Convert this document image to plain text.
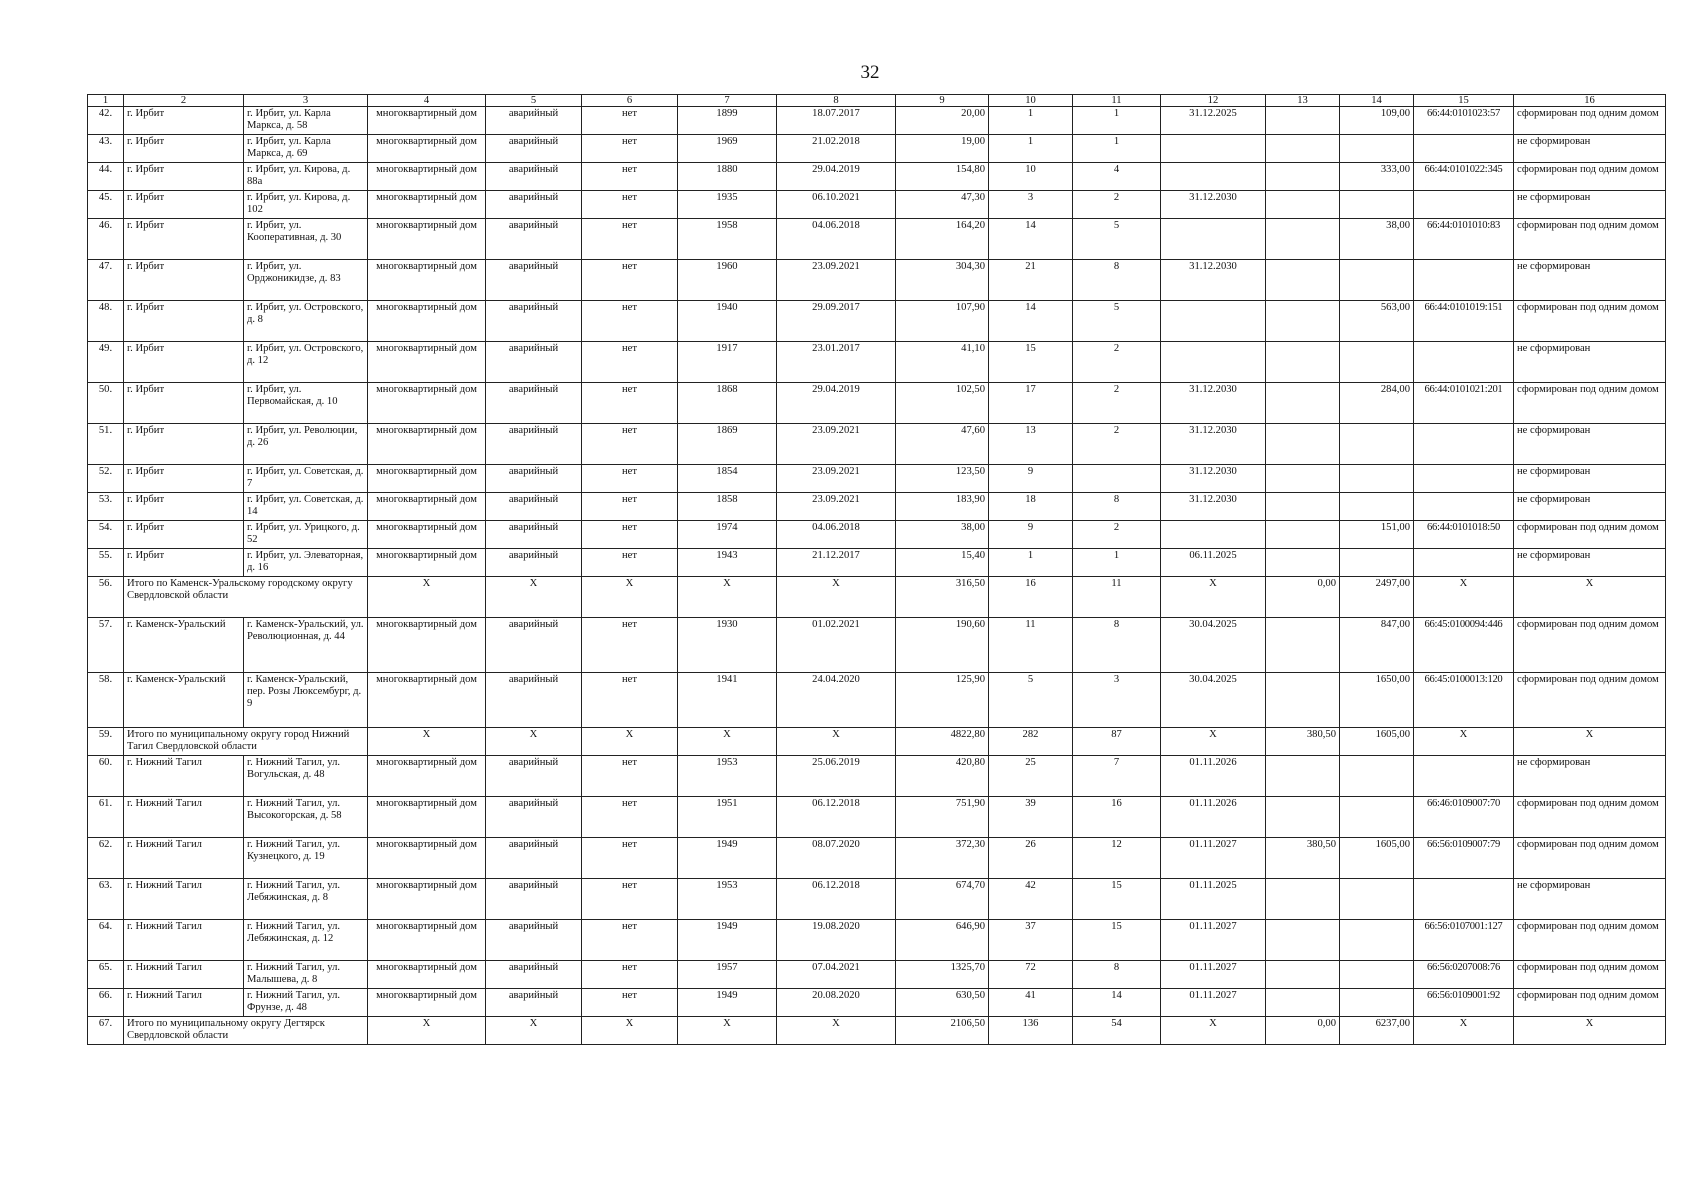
32
1	2	3	4	5	6	7	8	9	10	11	12	13	14	15	16
42.	г. Ирбит	г. Ирбит, ул. Карла Маркса, д. 58	многоквартирный дом	аварийный	нет	1899	18.07.2017	20,00	1	1	31.12.2025		109,00	66:44:0101023:57	сформирован под одним домом
43.	г. Ирбит	г. Ирбит, ул. Карла Маркса, д. 69	многоквартирный дом	аварийный	нет	1969	21.02.2018	19,00	1	1					не сформирован
44.	г. Ирбит	г. Ирбит, ул. Кирова, д. 88а	многоквартирный дом	аварийный	нет	1880	29.04.2019	154,80	10	4			333,00	66:44:0101022:345	сформирован под одним домом
45.	г. Ирбит	г. Ирбит, ул. Кирова, д. 102	многоквартирный дом	аварийный	нет	1935	06.10.2021	47,30	3	2	31.12.2030				не сформирован
46.	г. Ирбит	г. Ирбит, ул. Кооперативная, д. 30	многоквартирный дом	аварийный	нет	1958	04.06.2018	164,20	14	5			38,00	66:44:0101010:83	сформирован под одним домом
47.	г. Ирбит	г. Ирбит, ул. Орджоникидзе, д. 83	многоквартирный дом	аварийный	нет	1960	23.09.2021	304,30	21	8	31.12.2030				не сформирован
48.	г. Ирбит	г. Ирбит, ул. Островского, д. 8	многоквартирный дом	аварийный	нет	1940	29.09.2017	107,90	14	5			563,00	66:44:0101019:151	сформирован под одним домом
49.	г. Ирбит	г. Ирбит, ул. Островского, д. 12	многоквартирный дом	аварийный	нет	1917	23.01.2017	41,10	15	2					не сформирован
50.	г. Ирбит	г. Ирбит, ул. Первомайская, д. 10	многоквартирный дом	аварийный	нет	1868	29.04.2019	102,50	17	2	31.12.2030		284,00	66:44:0101021:201	сформирован под одним домом
51.	г. Ирбит	г. Ирбит, ул. Революции, д. 26	многоквартирный дом	аварийный	нет	1869	23.09.2021	47,60	13	2	31.12.2030				не сформирован
52.	г. Ирбит	г. Ирбит, ул. Советская, д. 7	многоквартирный дом	аварийный	нет	1854	23.09.2021	123,50	9		31.12.2030				не сформирован
53.	г. Ирбит	г. Ирбит, ул. Советская, д. 14	многоквартирный дом	аварийный	нет	1858	23.09.2021	183,90	18	8	31.12.2030				не сформирован
54.	г. Ирбит	г. Ирбит, ул. Урицкого, д. 52	многоквартирный дом	аварийный	нет	1974	04.06.2018	38,00	9	2			151,00	66:44:0101018:50	сформирован под одним домом
55.	г. Ирбит	г. Ирбит, ул. Элеваторная, д. 16	многоквартирный дом	аварийный	нет	1943	21.12.2017	15,40	1	1	06.11.2025				не сформирован
56.	Итого по Каменск-Уральскому городскому округу Свердловской области		X	X	X	X	X	316,50	16	11	X	0,00	2497,00	X	X
57.	г. Каменск-Уральский	г. Каменск-Уральский, ул. Революционная, д. 44	многоквартирный дом	аварийный	нет	1930	01.02.2021	190,60	11	8	30.04.2025		847,00	66:45:0100094:446	сформирован под одним домом
58.	г. Каменск-Уральский	г. Каменск-Уральский, пер. Розы Люксембург, д. 9	многоквартирный дом	аварийный	нет	1941	24.04.2020	125,90	5	3	30.04.2025		1650,00	66:45:0100013:120	сформирован под одним домом
59.	Итого по муниципальному округу город Нижний Тагил Свердловской области		X	X	X	X	X	4822,80	282	87	X	380,50	1605,00	X	X
60.	г. Нижний Тагил	г. Нижний Тагил, ул. Вогульская, д. 48	многоквартирный дом	аварийный	нет	1953	25.06.2019	420,80	25	7	01.11.2026				не сформирован
61.	г. Нижний Тагил	г. Нижний Тагил, ул. Высокогорская, д. 58	многоквартирный дом	аварийный	нет	1951	06.12.2018	751,90	39	16	01.11.2026			66:46:0109007:70	сформирован под одним домом
62.	г. Нижний Тагил	г. Нижний Тагил, ул. Кузнецкого, д. 19	многоквартирный дом	аварийный	нет	1949	08.07.2020	372,30	26	12	01.11.2027	380,50	1605,00	66:56:0109007:79	сформирован под одним домом
63.	г. Нижний Тагил	г. Нижний Тагил, ул. Лебяжинская, д. 8	многоквартирный дом	аварийный	нет	1953	06.12.2018	674,70	42	15	01.11.2025				не сформирован
64.	г. Нижний Тагил	г. Нижний Тагил, ул. Лебяжинская, д. 12	многоквартирный дом	аварийный	нет	1949	19.08.2020	646,90	37	15	01.11.2027			66:56:0107001:127	сформирован под одним домом
65.	г. Нижний Тагил	г. Нижний Тагил, ул. Малышева, д. 8	многоквартирный дом	аварийный	нет	1957	07.04.2021	1325,70	72	8	01.11.2027			66:56:0207008:76	сформирован под одним домом
66.	г. Нижний Тагил	г. Нижний Тагил, ул. Фрунзе, д. 48	многоквартирный дом	аварийный	нет	1949	20.08.2020	630,50	41	14	01.11.2027			66:56:0109001:92	сформирован под одним домом
67.	Итого по муниципальному округу Дегтярск Свердловской области		X	X	X	X	X	2106,50	136	54	X	0,00	6237,00	X	X
